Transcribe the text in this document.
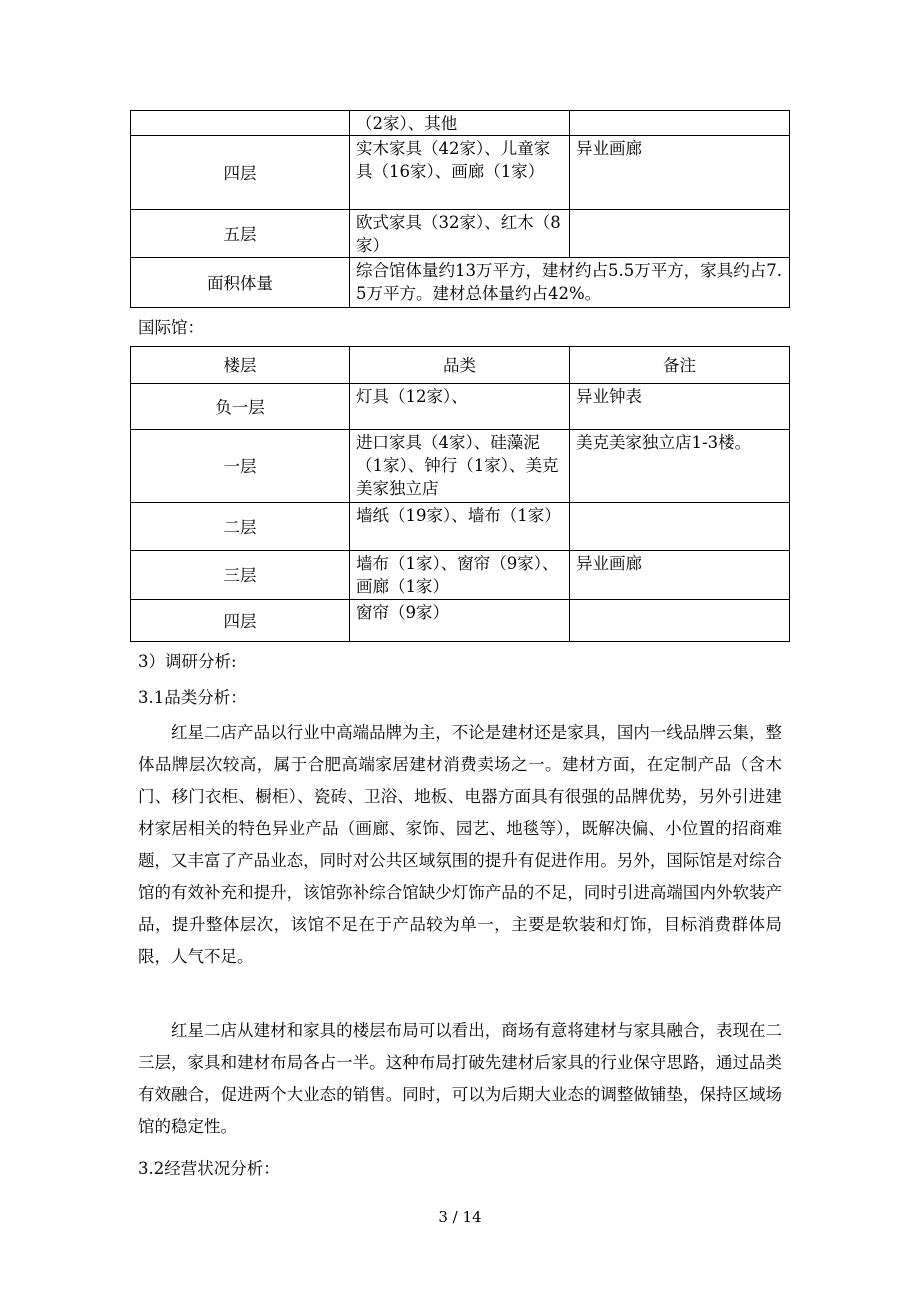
	（2家）、其他	
四层	实木家具（42家）、儿童家具（16家）、画廊（1家）	异业画廊
五层	欧式家具（32家）、红木（8家）	
面积体量	综合馆体量约13万平方，建材约占5.5万平方，家具约占7.5万平方。建材总体量约占42%。	
国际馆：
楼层	品类	备注
负一层	灯具（12家）、	异业钟表
一层	进口家具（4家）、硅藻泥（1家）、钟行（1家）、美克美家独立店	美克美家独立店1-3楼。
二层	墙纸（19家）、墙布（1家）	
三层	墙布（1家）、窗帘（9家）、画廊（1家）	异业画廊
四层	窗帘（9家）	
3）调研分析:
3.1品类分析：
红星二店产品以行业中高端品牌为主，不论是建材还是家具，国内一线品牌云集，整体品牌层次较高，属于合肥高端家居建材消费卖场之一。建材方面，在定制产品（含木门、移门衣柜、橱柜）、瓷砖、卫浴、地板、电器方面具有很强的品牌优势，另外引进建材家居相关的特色异业产品（画廊、家饰、园艺、地毯等），既解决偏、小位置的招商难题，又丰富了产品业态，同时对公共区域氛围的提升有促进作用。另外，国际馆是对综合馆的有效补充和提升，该馆弥补综合馆缺少灯饰产品的不足，同时引进高端国内外软装产品，提升整体层次，该馆不足在于产品较为单一，主要是软装和灯饰，目标消费群体局限，人气不足。
红星二店从建材和家具的楼层布局可以看出，商场有意将建材与家具融合，表现在二三层，家具和建材布局各占一半。这种布局打破先建材后家具的行业保守思路，通过品类有效融合，促进两个大业态的销售。同时，可以为后期大业态的调整做铺垫，保持区域场馆的稳定性。
3.2经营状况分析：
3 / 14
